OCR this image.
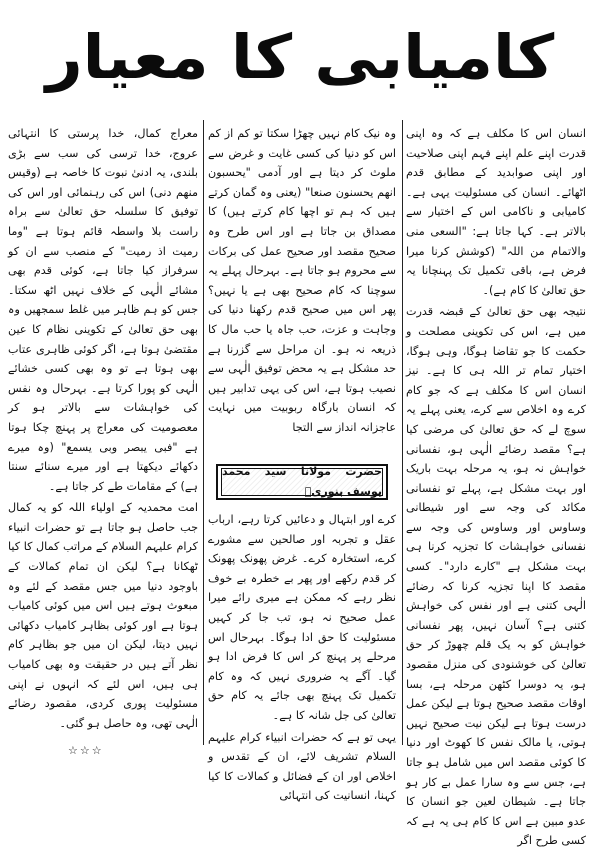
کامیابی کا معیار

انسان اس کا مکلف ہے کہ وہ اپنی قدرت اپنے علم اپنے فہم اپنی صلاحیت اور اپنی صوابدید کے مطابق قدم اٹھائے۔ انسان کی مسئولیت یہی ہے۔ کامیابی و ناکامی اس کے اختیار سے بالاتر ہے۔ کہا جاتا ہے: "السعی منی والاتمام من اللہ" (کوشش کرنا میرا فرض ہے، باقی تکمیل تک پہنچانا یہ حق تعالیٰ کا کام ہے)۔

نتیجہ بھی حق تعالیٰ کے قبضہ قدرت میں ہے، اس کی تکوینی مصلحت و حکمت کا جو تقاضا ہوگا، وہی ہوگا، اختیار تمام تر اللہ ہی کا ہے۔ نیز انسان اس کا مکلف ہے کہ جو کام کرے وہ اخلاص سے کرے، یعنی پہلے یہ سوچ لے کہ حق تعالیٰ کی مرضی کیا ہے؟ مقصد رضائے الٰہی ہو، نفسانی خواہش نہ ہو، یہ مرحلہ بہت باریک اور بہت مشکل ہے، پہلے تو نفسانی مکائد کی وجہ سے اور شیطانی وساوس اور وساوس کی وجہ سے نفسانی خواہشات کا تجزیہ کرنا ہی بہت مشکل ہے "کارے دارد"۔ کسی مقصد کا اپنا تجزیہ کرنا کہ رضائے الٰہی کتنی ہے اور نفس کی خواہش کتنی ہے؟ آسان نہیں، پھر نفسانی خواہش کو بہ یک قلم چھوڑ کر حق تعالیٰ کی خوشنودی کی منزل مقصود ہو، یہ دوسرا کٹھن مرحلہ ہے، بسا اوقات مقصد صحیح ہوتا ہے لیکن عمل درست ہوتا ہے لیکن نیت صحیح نہیں ہوتی، یا مالک نفس کا کھوٹ اور دنیا کا کوئی مقصد اس میں شامل ہو جاتا ہے، جس سے وہ سارا عمل بے کار ہو جاتا ہے۔ شیطان لعین جو انسان کا عدو مبین ہے اس کا کام ہی یہ ہے کہ کسی طرح اگر

وہ نیک کام نہیں چھڑا سکتا تو کم از کم اس کو دنیا کی کسی غایت و غرض سے ملوث کر دیتا ہے اور آدمی "یحسبون انھم یحسنون صنعا" (یعنی وہ گمان کرتے ہیں کہ ہم تو اچھا کام کرتے ہیں) کا مصداق بن جاتا ہے اور اس طرح وہ صحیح مقصد اور صحیح عمل کی برکات سے محروم ہو جاتا ہے۔ بہرحال پہلے یہ سوچنا کہ کام صحیح بھی ہے یا نہیں؟ پھر اس میں صحیح قدم رکھنا دنیا کی وجاہت و عزت، حب جاہ یا حب مال کا ذریعہ نہ ہو۔ ان مراحل سے گزرنا ہے حد مشکل ہے یہ محض توفیق الٰہی سے نصیب ہوتا ہے، اس کی یہی تدابیر ہیں کہ انسان بارگاہ ربوبیت میں نہایت عاجزانہ انداز سے التجا

حضرت مولانا سید محمد یوسف بنوریؒ

کرے اور ابتہال و دعائیں کرتا رہے، ارباب عقل و تجربہ اور صالحین سے مشورے کرے، استخارہ کرے۔ غرض پھونک پھونک کر قدم رکھے اور پھر بے خطرہ بے خوف نظر رہے کہ ممکن ہے میری رائے میرا عمل صحیح نہ ہو، تب جا کر کہیں مسئولیت کا حق ادا ہوگا۔ بہرحال اس مرحلے پر پہنچ کر اس کا فرض ادا ہو گیا۔ آگے یہ ضروری نہیں کہ وہ کام تکمیل تک پہنچ بھی جائے یہ کام حق تعالیٰ کی جل شانہ کا ہے۔

یہی تو ہے کہ حضرات انبیاء کرام علیہم السلام تشریف لائے، ان کے تقدس و اخلاص اور ان کے فضائل و کمالات کا کیا کہنا، انسانیت کی انتہائی

معراج کمال، خدا پرستی کا انتہائی عروج، خدا ترسی کی سب سے بڑی بلندی، یہ ادنیٰ نبوت کا خاصہ ہے (وقیس منھم دنی) اس کی رہنمائی اور اس کی توفیق کا سلسلہ حق تعالیٰ سے براہ راست بلا واسطہ قائم ہوتا ہے "وما رمیت اذ رمیت" کے منصب سے ان کو سرفراز کیا جاتا ہے، کوئی قدم بھی مشائے الٰہی کے خلاف نہیں اٹھ سکتا۔ جس کو ہم ظاہر میں غلط سمجھیں وہ بھی حق تعالیٰ کے تکوینی نظام کا عین مقتضیٰ ہوتا ہے، اگر کوئی ظاہری عتاب بھی ہوتا ہے تو وہ بھی کسی خشائے الٰہی کو پورا کرتا ہے۔ بہرحال وہ نفس کی خواہشات سے بالاتر ہو کر معصومیت کی معراج پر پہنچ چکا ہوتا ہے "فبی یبصر وبی یسمع" (وہ میرے دکھائے دیکھتا ہے اور میرے سنائے سنتا ہے) کے مقامات طے کر جاتا ہے۔

امت محمدیہ کے اولیاء اللہ کو یہ کمال جب حاصل ہو جاتا ہے تو حضرات انبیاء کرام علیہم السلام کے مراتب کمال کا کیا ٹھکانا ہے؟ لیکن ان تمام کمالات کے باوجود دنیا میں جس مقصد کے لئے وہ مبعوث ہوتے ہیں اس میں کوئی کامیاب ہوتا ہے اور کوئی بظاہر کامیاب دکھائی نہیں دیتا، لیکن ان میں جو بظاہر کام نظر آتے ہیں در حقیقت وہ بھی کامیاب ہی ہیں، اس لئے کہ انہوں نے اپنی مسئولیت پوری کردی، مقصود رضائے الٰہی تھی، وہ حاصل ہو گئی۔

☆☆☆
